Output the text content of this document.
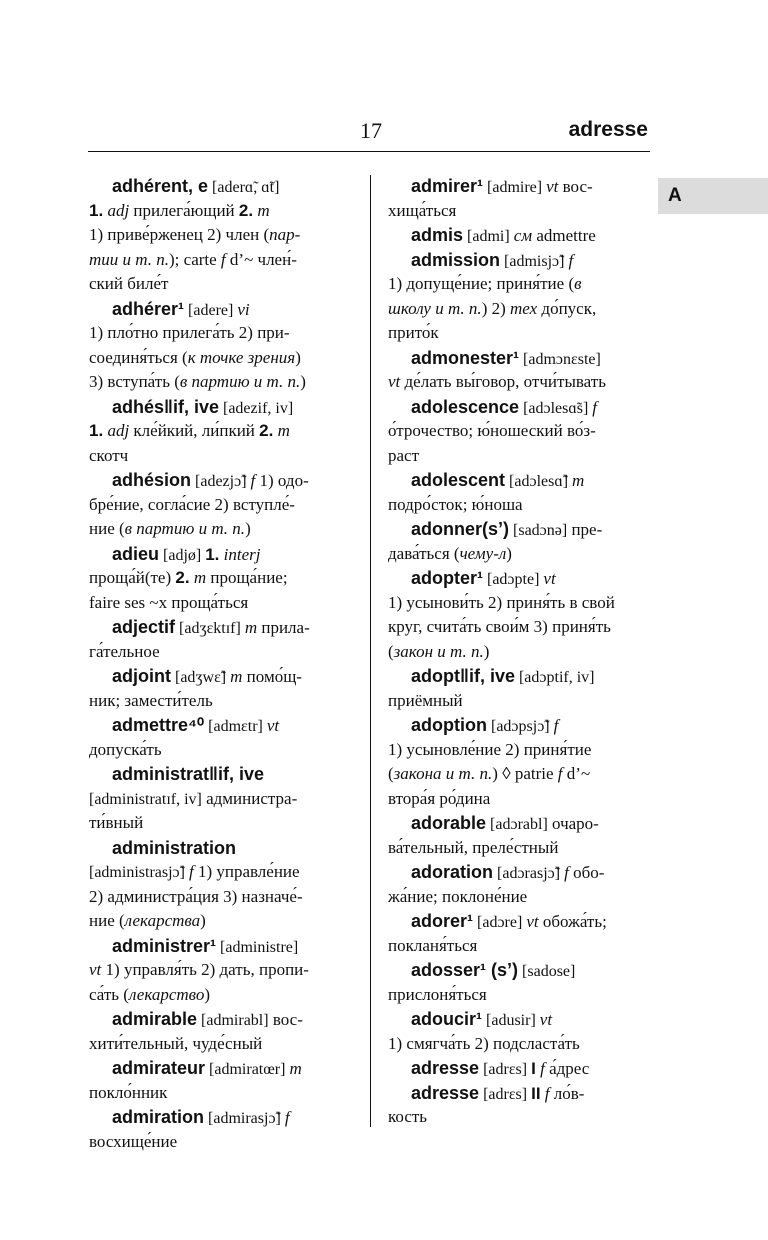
17	adresse
A
adhérent, e [aderɑ̃, ɑ̃t]
1. adj прилега́ющий 2. m
1) приве́рженец 2) член (пар-
тии и т. п.); carte f d’~ член́-
ский биле́т
adhérer¹ [adere] vi
1) пло́тно прилега́ть 2) при-
соединя́ться (к точке зрения)
3) вступа́ть (в партию и т. п.)
adhés‖if, ive [adezif, iv]
1. adj кле́йкий, ли́пкий 2. m
скотч
adhésion [adezjɔ̃] f 1) одо-
бре́ние, согла́сие 2) вступле́-
ние (в партию и т. п.)
adieu [adjø] 1. interj
проща́й(те) 2. m проща́ние;
faire ses ~x проща́ться
adjectif [adʒɛktɪf] m прила-
га́тельное
adjoint [adʒwɛ̃] m помо́щ-
ник; замести́тель
admettre⁴⁰ [admɛtr] vt
допуска́ть
administrat‖if, ive
[administratɪf, iv] администра-
ти́вный
administration
[administrasjɔ̃] f 1) управле́ние
2) администра́ция 3) назначе́-
ние (лекарства)
administrer¹ [administre]
vt 1) управля́ть 2) дать, пропи-
са́ть (лекарство)
admirable [admirabl] вос-
хити́тельный, чуде́сный
admirateur [admiratœr] m
покло́нник
admiration [admirasjɔ̃] f
восхище́ние
admirer¹ [admire] vt вос-
хища́ться
admis [admi] см admettre
admission [admisjɔ̃] f
1) допуще́ние; приня́тие (в
школу и т. п.) 2) тех до́пуск,
прито́к
admonester¹ [admɔnɛste]
vt де́лать вы́говор, отчи́тывать
adolescence [adɔlesɑ̃s] f
о́трочество; ю́ношеский во́з-
раст
adolescent [adɔlesɑ̃] m
подро́сток; ю́ноша
adonner(s’) [sadɔnə] пре-
дава́ться (чему-л)
adopter¹ [adɔpte] vt
1) усынови́ть 2) приня́ть в свой
круг, счита́ть свои́м 3) приня́ть
(закон и т. п.)
adopt‖if, ive [adɔptif, iv]
приёмный
adoption [adɔpsjɔ̃] f
1) усыновле́ние 2) приня́тие
(закона и т. п.) ◊ patrie f d’~
втора́я ро́дина
adorable [adɔrabl] очаро-
ва́тельный, преле́стный
adoration [adɔrasjɔ̃] f обо-
жа́ние; поклоне́ние
adorer¹ [adɔre] vt обожа́ть;
покланя́ться
adosser¹ (s’) [sadose]
прислоня́ться
adoucir¹ [adusir] vt
1) смягча́ть 2) подсласта́ть
adresse [adrɛs] I f а́дрес
adresse [adrɛs] II f ло́в-
кость
